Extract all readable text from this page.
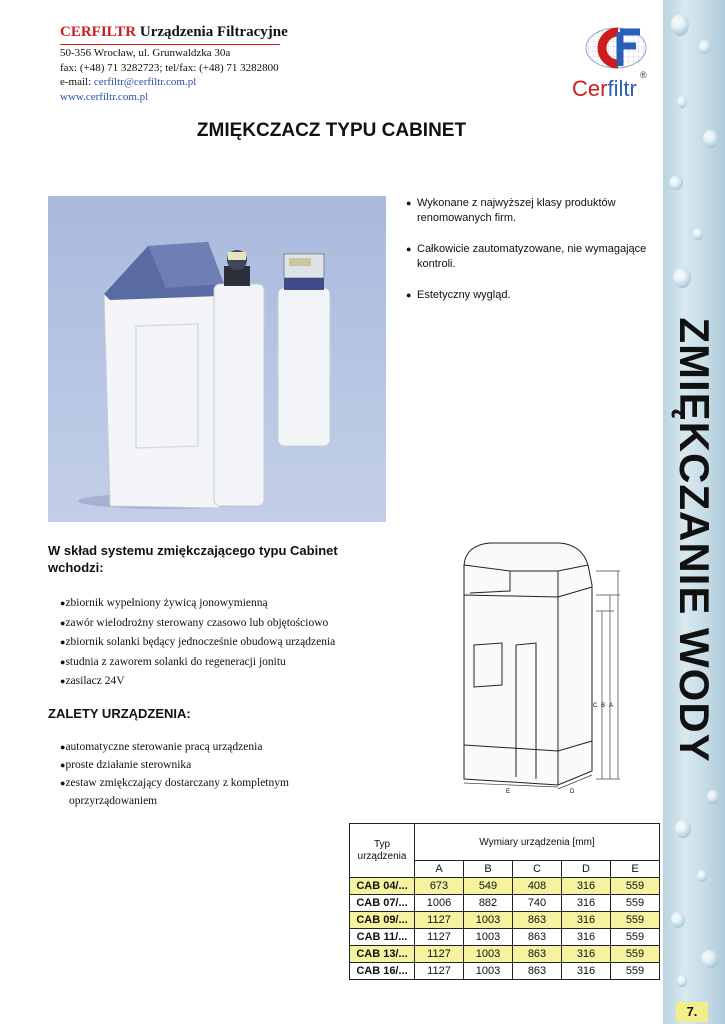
ZMIĘKCZANIE WODY
7.
CERFILTR Urządzenia Filtracyjne
50-356 Wrocław, ul. Grunwaldzka 30a
fax: (+48) 71 3282723; tel/fax: (+48) 71 3282800
e-mail: cerfiltr@cerfiltr.com.pl
www.cerfiltr.com.pl	Cerfiltr
®
ZMIĘKCZACZ TYPU CABINET
● Wykonane z najwyższej klasy produktów renomowanych firm.
● Całkowicie zautomatyzowane, nie wymagające kontroli.
● Estetyczny wygląd.
W skład systemu zmiękczającego typu Cabinet wchodzi:
● zbiornik wypełniony żywicą jonowymienną
● zawór wielodrożny sterowany czasowo lub objętościowo
● zbiornik solanki będący jednocześnie obudową urządzenia
● studnia z zaworem solanki do regeneracji jonitu
● zasilacz 24V
ZALETY URZĄDZENIA:
● automatyczne sterowanie pracą urządzenia
● proste działanie sterownika
● zestaw zmiękczający dostarczany z kompletnym
oprzyrządowaniem
C B A
E	D
Typ urządzenia	Wymiary urządzenia [mm]				
	A	B	C	D	E
CAB 04/...	673	549	408	316	559
CAB 07/...	1006	882	740	316	559
CAB 09/...	1127	1003	863	316	559
CAB 11/...	1127	1003	863	316	559
CAB 13/...	1127	1003	863	316	559
CAB 16/...	1127	1003	863	316	559
